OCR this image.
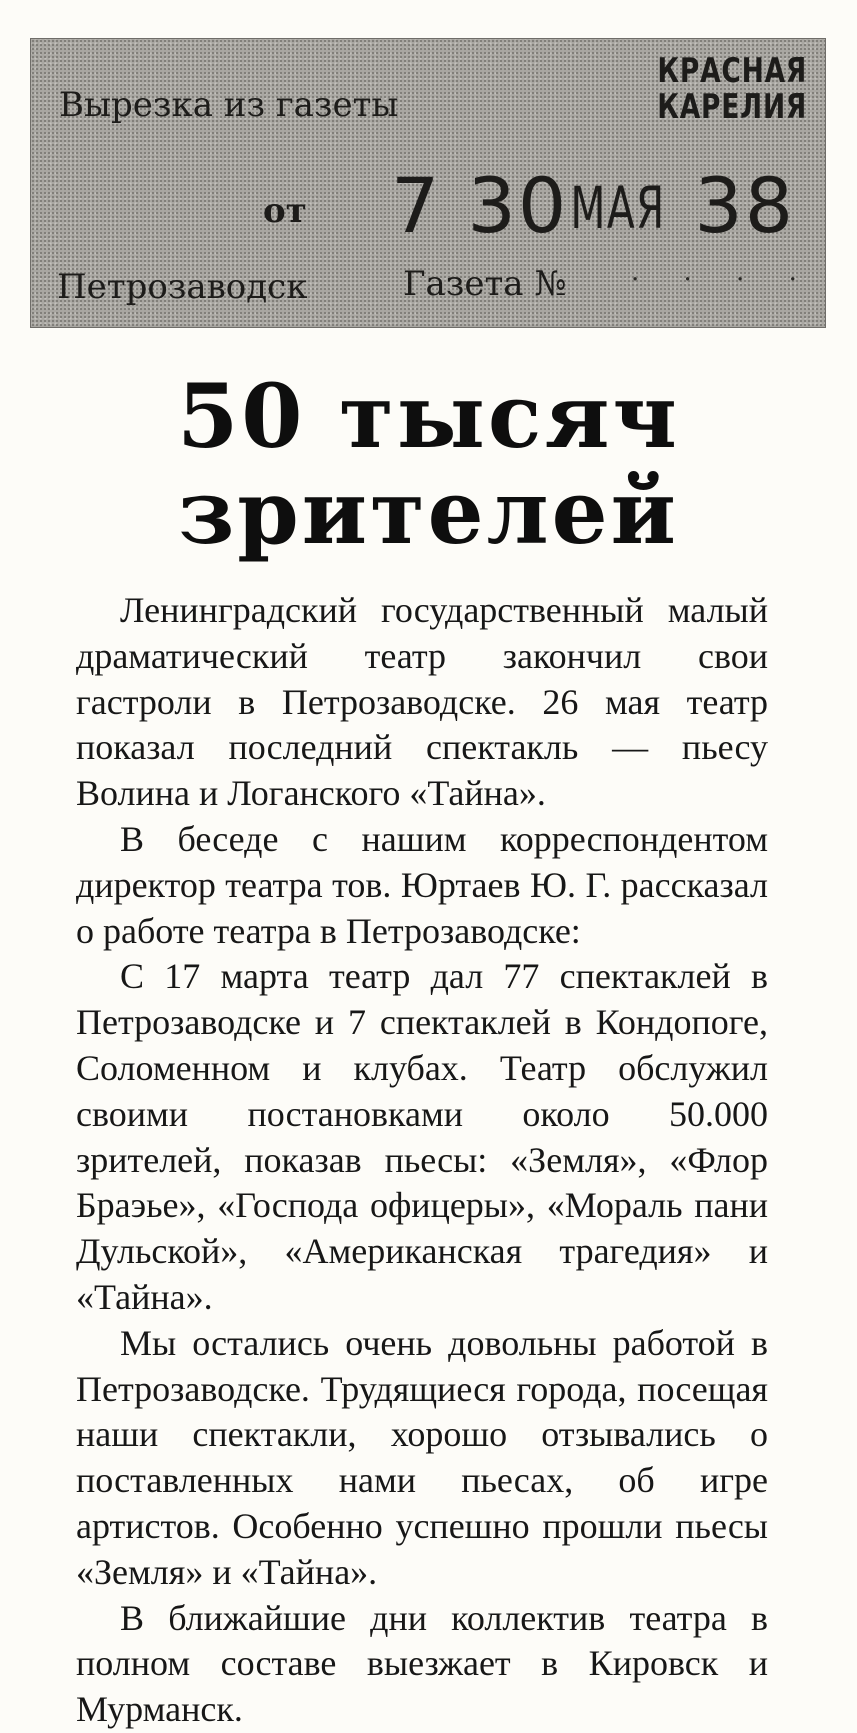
Вырезка из газеты
КРАСНАЯ
КАРЕЛИЯ
от 7 30МАЯ 38
Петрозаводск	Газета № · · · ·
50 тысяч
зрителей

Ленинградский государственный малый драматический театр закончил свои гастроли в Петрозаводске. 26 мая театр показал последний спектакль — пьесу Волина и Логанского «Тайна».

В беседе с нашим корреспондентом директор театра тов. Юртаев Ю. Г. рассказал о работе театра в Петрозаводске:

С 17 марта театр дал 77 спектаклей в Петрозаводске и 7 спектаклей в Кондопоге, Соломенном и клубах. Театр обслужил своими постановками около 50.000 зрителей, показав пьесы: «Земля», «Флор Браэье», «Господа офицеры», «Мораль пани Дульской», «Американская трагедия» и «Тайна».

Мы остались очень довольны работой в Петрозаводске. Трудящиеся города, посещая наши спектакли, хорошо отзывались о поставленных нами пьесах, об игре артистов. Особенно успешно прошли пьесы «Земля» и «Тайна».

В ближайшие дни коллектив театра в полном составе выезжает в Кировск и Мурманск.
